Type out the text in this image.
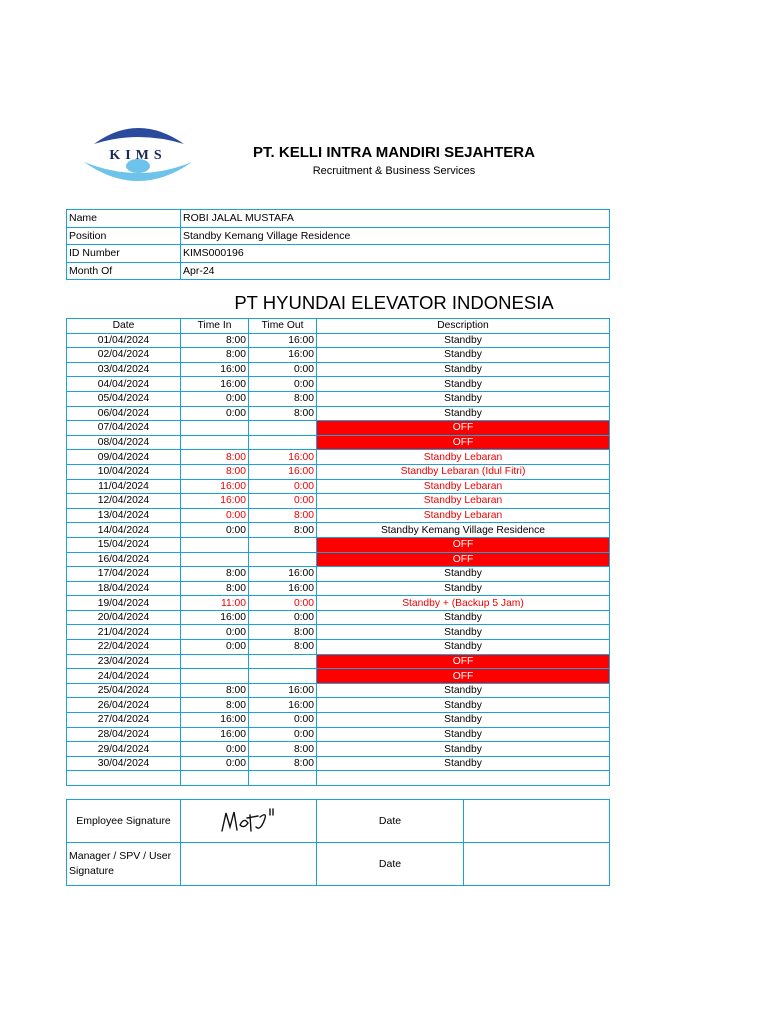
KIMS	PT. KELLI INTRA MANDIRI SEJAHTERA
Recruitment & Business Services
Name	ROBI JALAL MUSTAFA
Position	Standby Kemang Village Residence
ID Number	KIMS000196
Month Of	Apr-24
PT HYUNDAI ELEVATOR INDONESIA
Date	Time In	Time Out	Description
01/04/2024	8:00	16:00	Standby
02/04/2024	8:00	16:00	Standby
03/04/2024	16:00	0:00	Standby
04/04/2024	16:00	0:00	Standby
05/04/2024	0:00	8:00	Standby
06/04/2024	0:00	8:00	Standby
07/04/2024			OFF
08/04/2024			OFF
09/04/2024	8:00	16:00	Standby Lebaran
10/04/2024	8:00	16:00	Standby Lebaran (Idul Fitri)
11/04/2024	16:00	0:00	Standby Lebaran
12/04/2024	16:00	0:00	Standby Lebaran
13/04/2024	0:00	8:00	Standby Lebaran
14/04/2024	0:00	8:00	Standby Kemang Village Residence
15/04/2024			OFF
16/04/2024			OFF
17/04/2024	8:00	16:00	Standby
18/04/2024	8:00	16:00	Standby
19/04/2024	11:00	0:00	Standby + (Backup 5 Jam)
20/04/2024	16:00	0:00	Standby
21/04/2024	0:00	8:00	Standby
22/04/2024	0:00	8:00	Standby
23/04/2024			OFF
24/04/2024			OFF
25/04/2024	8:00	16:00	Standby
26/04/2024	8:00	16:00	Standby
27/04/2024	16:00	0:00	Standby
28/04/2024	16:00	0:00	Standby
29/04/2024	0:00	8:00	Standby
30/04/2024	0:00	8:00	Standby

Employee Signature		Date	
Manager / SPV / User Signature		Date	
